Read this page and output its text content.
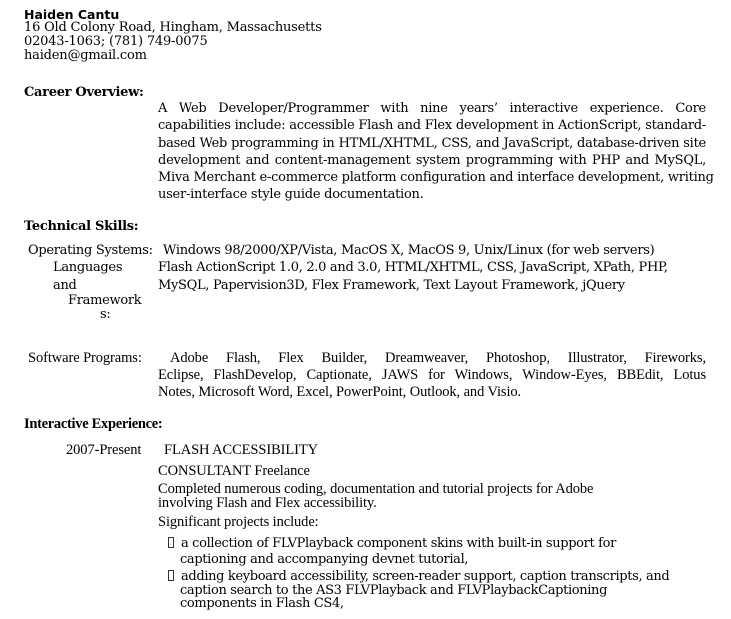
Haiden Cantu
16 Old Colony Road, Hingham, Massachusetts
02043-1063; (781) 749-0075
haiden@gmail.com
Career Overview:
A Web Developer/Programmer with nine years’ interactive experience. Core
capabilities include: accessible Flash and Flex development in ActionScript, standard-
based Web programming in HTML/XHTML, CSS, and JavaScript, database-driven site
development and content-management system programming with PHP and MySQL,
Miva Merchant e-commerce platform configuration and interface development, writing
user-interface style guide documentation.
Technical Skills:
Operating Systems: Windows 98/2000/XP/Vista, MacOS X, MacOS 9, Unix/Linux (for web servers)
Languages
and
Framework
s:
Flash ActionScript 1.0, 2.0 and 3.0, HTML/XHTML, CSS, JavaScript, XPath, PHP,
MySQL, Papervision3D, Flex Framework, Text Layout Framework, jQuery
Software Programs: Adobe Flash, Flex Builder, Dreamweaver, Photoshop, Illustrator, Fireworks,
Eclipse, FlashDevelop, Captionate, JAWS for Windows, Window-Eyes, BBEdit, Lotus
Notes, Microsoft Word, Excel, PowerPoint, Outlook, and Visio.
Interactive Experience:
2007-Present FLASH ACCESSIBILITY
CONSULTANT Freelance
Completed numerous coding, documentation and tutorial projects for Adobe
involving Flash and Flex accessibility.
Significant projects include:
a collection of FLVPlayback component skins with built-in support for
captioning and accompanying devnet tutorial,
adding keyboard accessibility, screen-reader support, caption transcripts, and
caption search to the AS3 FLVPlayback and FLVPlaybackCaptioning
components in Flash CS4,
